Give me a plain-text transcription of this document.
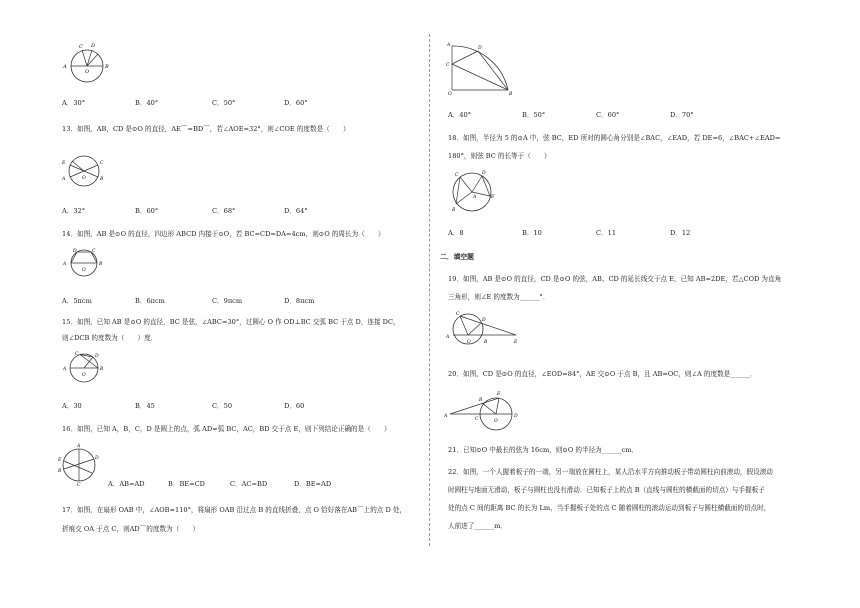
A	B
C D
O
A．30°	B．40°	C．50°	D．60°
13．如图，AB，CD 是⊙O 的直径，AE⌒=BD⌒，若∠AOE=32°，则∠COE 的度数是（　　）
E
A
C
B
O
A．32°	B．60°	C．68°	D．64°
14．如图，AB 是⊙O 的直径，四边形 ABCD 内接于⊙O，若 BC=CD=DA=4cm，则⊙O 的周长为（　　）
A	B
D	C
O
A．5πcm	B．6πcm	C．9πcm	D．8πcm
15．如图，已知 AB 是⊙O 的直径，BC 是弦，∠ABC=30°，过圆心 O 作 OD⊥BC 交弧 BC 于点 D，连接 DC，
则∠DCB 的度数为（　　）度．
A	B
C	D
O
A．30	B．45	C．50	D．60
16．如图，已知 A，B，C，D 是圆上的点，弧 AD=弧 BC，AC，BD 交于点 E，则下列结论正确的是（　　）
A
E	D
B
C	A．AB=AD	B．BE=CD	C．AC=BD	D．BE=AD
17．如图，在扇形 OAB 中，∠AOB=110°，将扇形 OAB 沿过点 B 的直线折叠，点 O 恰好落在AB⌒上的点 D 处，
折痕交 OA 于点 C，则AD⌒的度数为（　　）
A
D
C
O	B
A．40°	B．50°	C．60°	D．70°
18．如图，半径为 5 的⊙A 中，弦 BC，ED 所对的圆心角分别是∠BAC，∠EAD，若 DE=6，∠BAC+∠EAD=
180°，则弦 BC 的长等于（　　）
C	D
E
A
B
A．8	B．10	C．11	D．12
二．填空题
19．如图，AB 是⊙O 的直径，CD 是⊙O 的弦，AB、CD 的延长线交于点 E，已知 AB=2DE，若△COD 为直角
三角形，则∠E 的度数为______°．
A
C
D
O	B	E
20．如图，CD 是⊙O 的直径，∠EOD=84°，AE 交⊙O 于点 B，且 AB=OC，则∠A 的度数是______．
A
B
E
C	O
D
21．已知⊙O 中最长的弦为 16cm，则⊙O 的半径为______cm．
22．如图，一个人握着板子的一端，另一端放在圆柱上，某人沿水平方向推动板子带动圆柱向前滚动，假设滚动
时圆柱与地面无滑动，板子与圆柱也没有滑动．已知板子上的点 B（直线与圆柱的横截面的切点）与手握板子
处的点 C 间的距离 BC 的长为 Lm，当手握板子处的点 C 随着圆柱的滚动运动到板子与圆柱横截面的切点时，
人前进了______m．
